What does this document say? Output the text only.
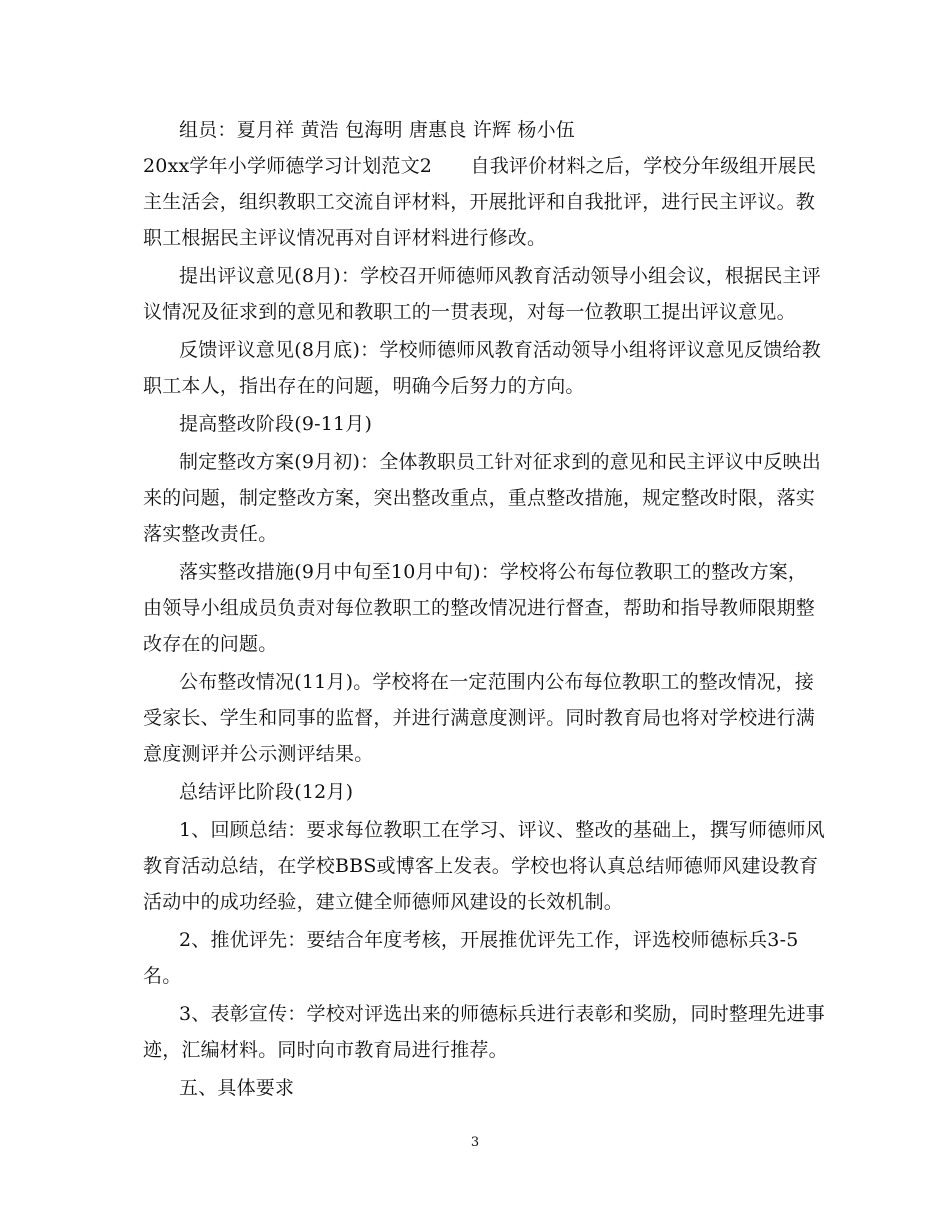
组员：夏月祥 黄浩 包海明 唐惠良 许辉 杨小伍
20xx学年小学师德学习计划范文2　　自我评价材料之后，学校分年级组开展民
主生活会，组织教职工交流自评材料，开展批评和自我批评，进行民主评议。教
职工根据民主评议情况再对自评材料进行修改。
提出评议意见(8月)：学校召开师德师风教育活动领导小组会议，根据民主评
议情况及征求到的意见和教职工的一贯表现，对每一位教职工提出评议意见。
反馈评议意见(8月底)：学校师德师风教育活动领导小组将评议意见反馈给教
职工本人，指出存在的问题，明确今后努力的方向。
提高整改阶段(9-11月)
制定整改方案(9月初)：全体教职员工针对征求到的意见和民主评议中反映出
来的问题，制定整改方案，突出整改重点，重点整改措施，规定整改时限，落实
落实整改责任。
落实整改措施(9月中旬至10月中旬)：学校将公布每位教职工的整改方案，
由领导小组成员负责对每位教职工的整改情况进行督查，帮助和指导教师限期整
改存在的问题。
公布整改情况(11月)。学校将在一定范围内公布每位教职工的整改情况，接
受家长、学生和同事的监督，并进行满意度测评。同时教育局也将对学校进行满
意度测评并公示测评结果。
总结评比阶段(12月)
1、回顾总结：要求每位教职工在学习、评议、整改的基础上，撰写师德师风
教育活动总结，在学校BBS或博客上发表。学校也将认真总结师德师风建设教育
活动中的成功经验，建立健全师德师风建设的长效机制。
2、推优评先：要结合年度考核，开展推优评先工作，评选校师德标兵3-5
名。
3、表彰宣传：学校对评选出来的师德标兵进行表彰和奖励，同时整理先进事
迹，汇编材料。同时向市教育局进行推荐。
五、具体要求
3
